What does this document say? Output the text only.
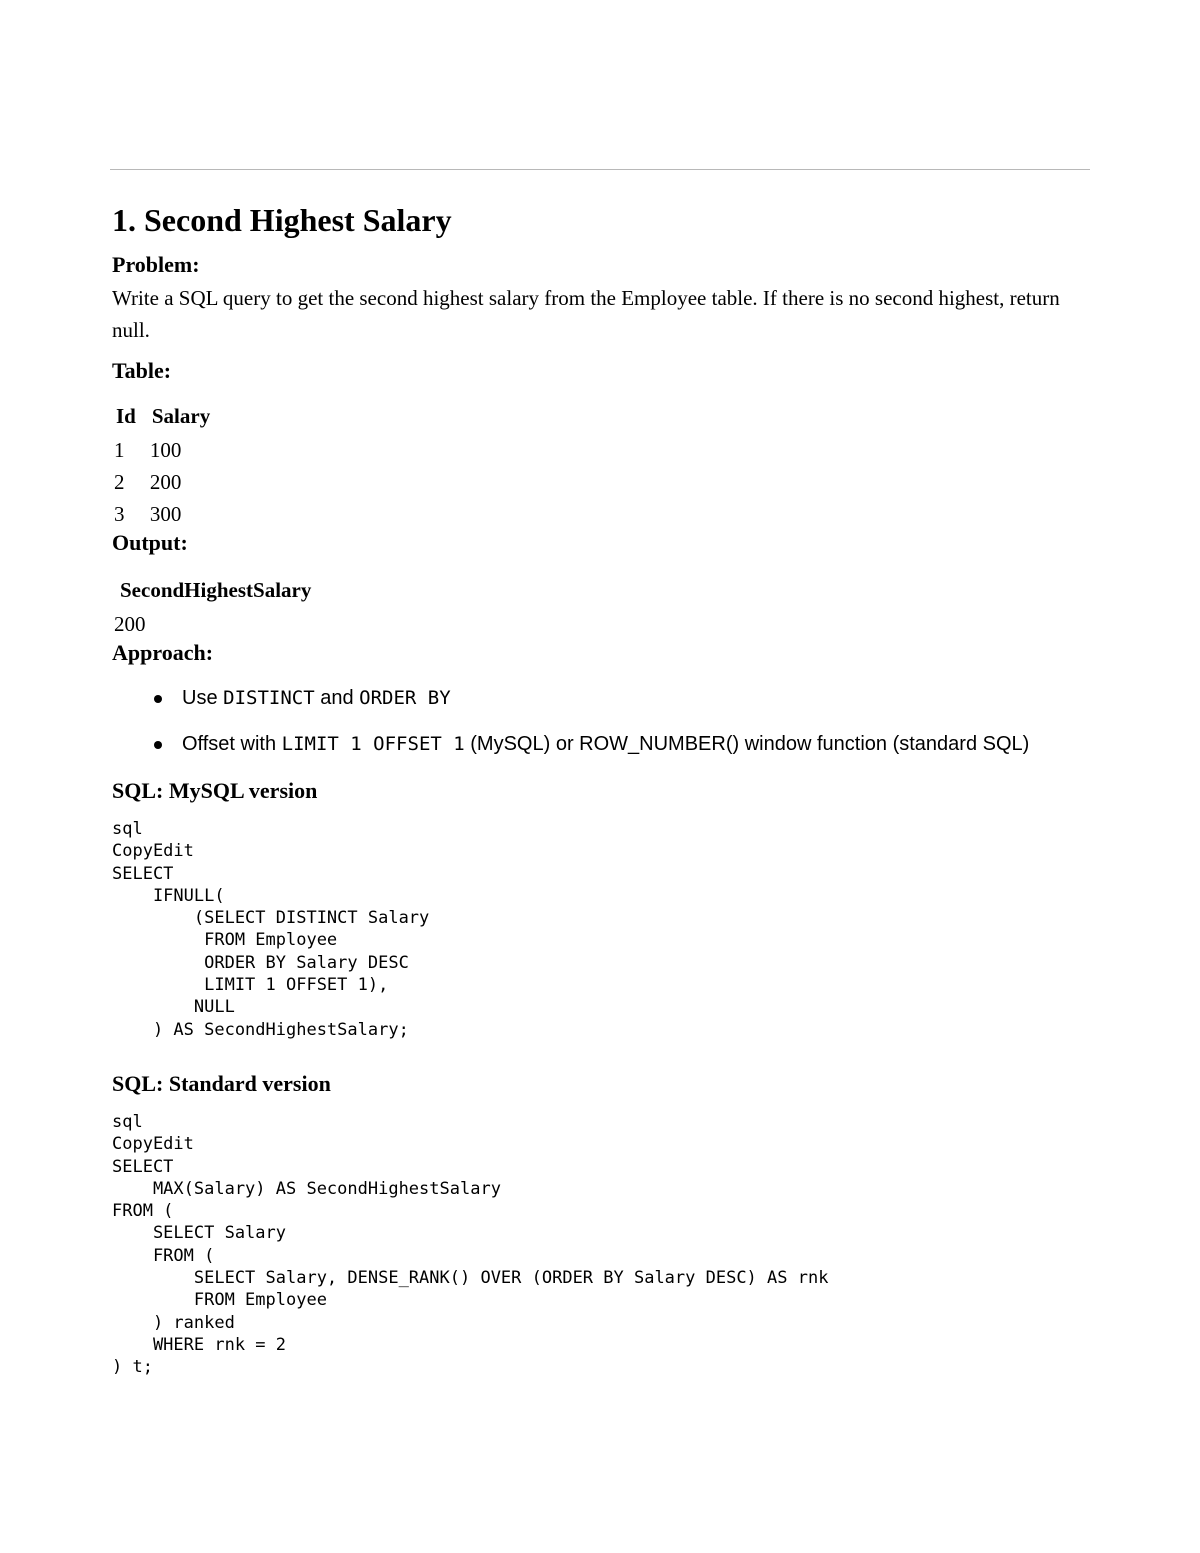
1. Second Highest Salary
Problem:
Write a SQL query to get the second highest salary from the Employee table. If there is no second highest, return null.
Table:
Id	Salary
1	100
2	200
3	300
Output:
SecondHighestSalary
200
Approach:
Use DISTINCT and ORDER BY
Offset with LIMIT 1 OFFSET 1 (MySQL) or ROW_NUMBER() window function (standard SQL)
SQL: MySQL version
sql
CopyEdit
SELECT
IFNULL(
(SELECT DISTINCT Salary
FROM Employee
ORDER BY Salary DESC
LIMIT 1 OFFSET 1),
NULL
) AS SecondHighestSalary;
SQL: Standard version
sql
CopyEdit
SELECT
MAX(Salary) AS SecondHighestSalary
FROM (
SELECT Salary
FROM (
SELECT Salary, DENSE_RANK() OVER (ORDER BY Salary DESC) AS rnk
FROM Employee
) ranked
WHERE rnk = 2
) t;
